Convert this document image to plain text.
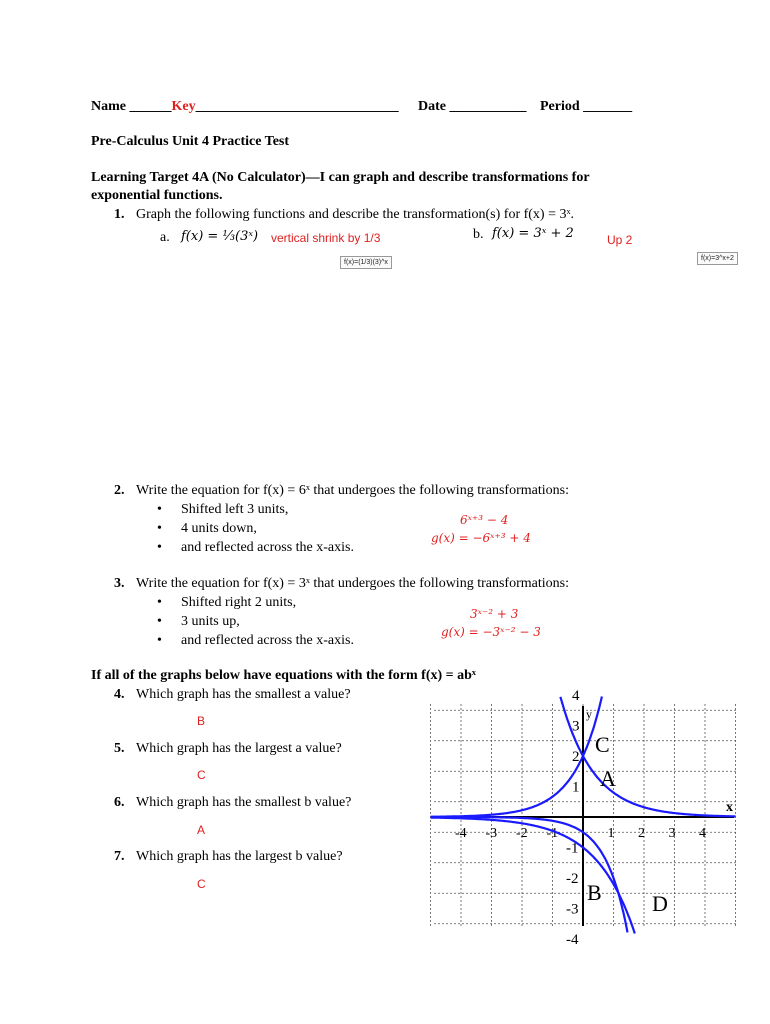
Name ______Key_____________________________ Date ___________ Period _______
Pre-Calculus Unit 4 Practice Test
Learning Target 4A (No Calculator)—I can graph and describe transformations for
exponential functions.
1. Graph the following functions and describe the transformation(s) for f(x) = 3ˣ.
a. f(x) = ⅓(3ˣ) vertical shrink by 1/3
f(x)=(1/3)(3)^x
b. f(x) = 3ˣ + 2	Up 2
f(x)=3^x+2
2. Write the equation for f(x) = 6ˣ that undergoes the following transformations:
• Shifted left 3 units,
• 4 units down,
• and reflected across the x-axis.
6ˣ⁺³ − 4
g(x) = −6ˣ⁺³ + 4
3. Write the equation for f(x) = 3ˣ that undergoes the following transformations:
• Shifted right 2 units,
• 3 units up,
• and reflected across the x-axis.
3ˣ⁻² + 3
g(x) = −3ˣ⁻² − 3
If all of the graphs below have equations with the form f(x) = abˣ
4. Which graph has the smallest a value?
B
5. Which graph has the largest a value?
C
6. Which graph has the smallest b value?
A
7. Which graph has the largest b value?
C
-4 -3 -2 -1	1 2 3 4
4
3
2
1
-1
-2
-3
-4
x
y
A
B
C
D
